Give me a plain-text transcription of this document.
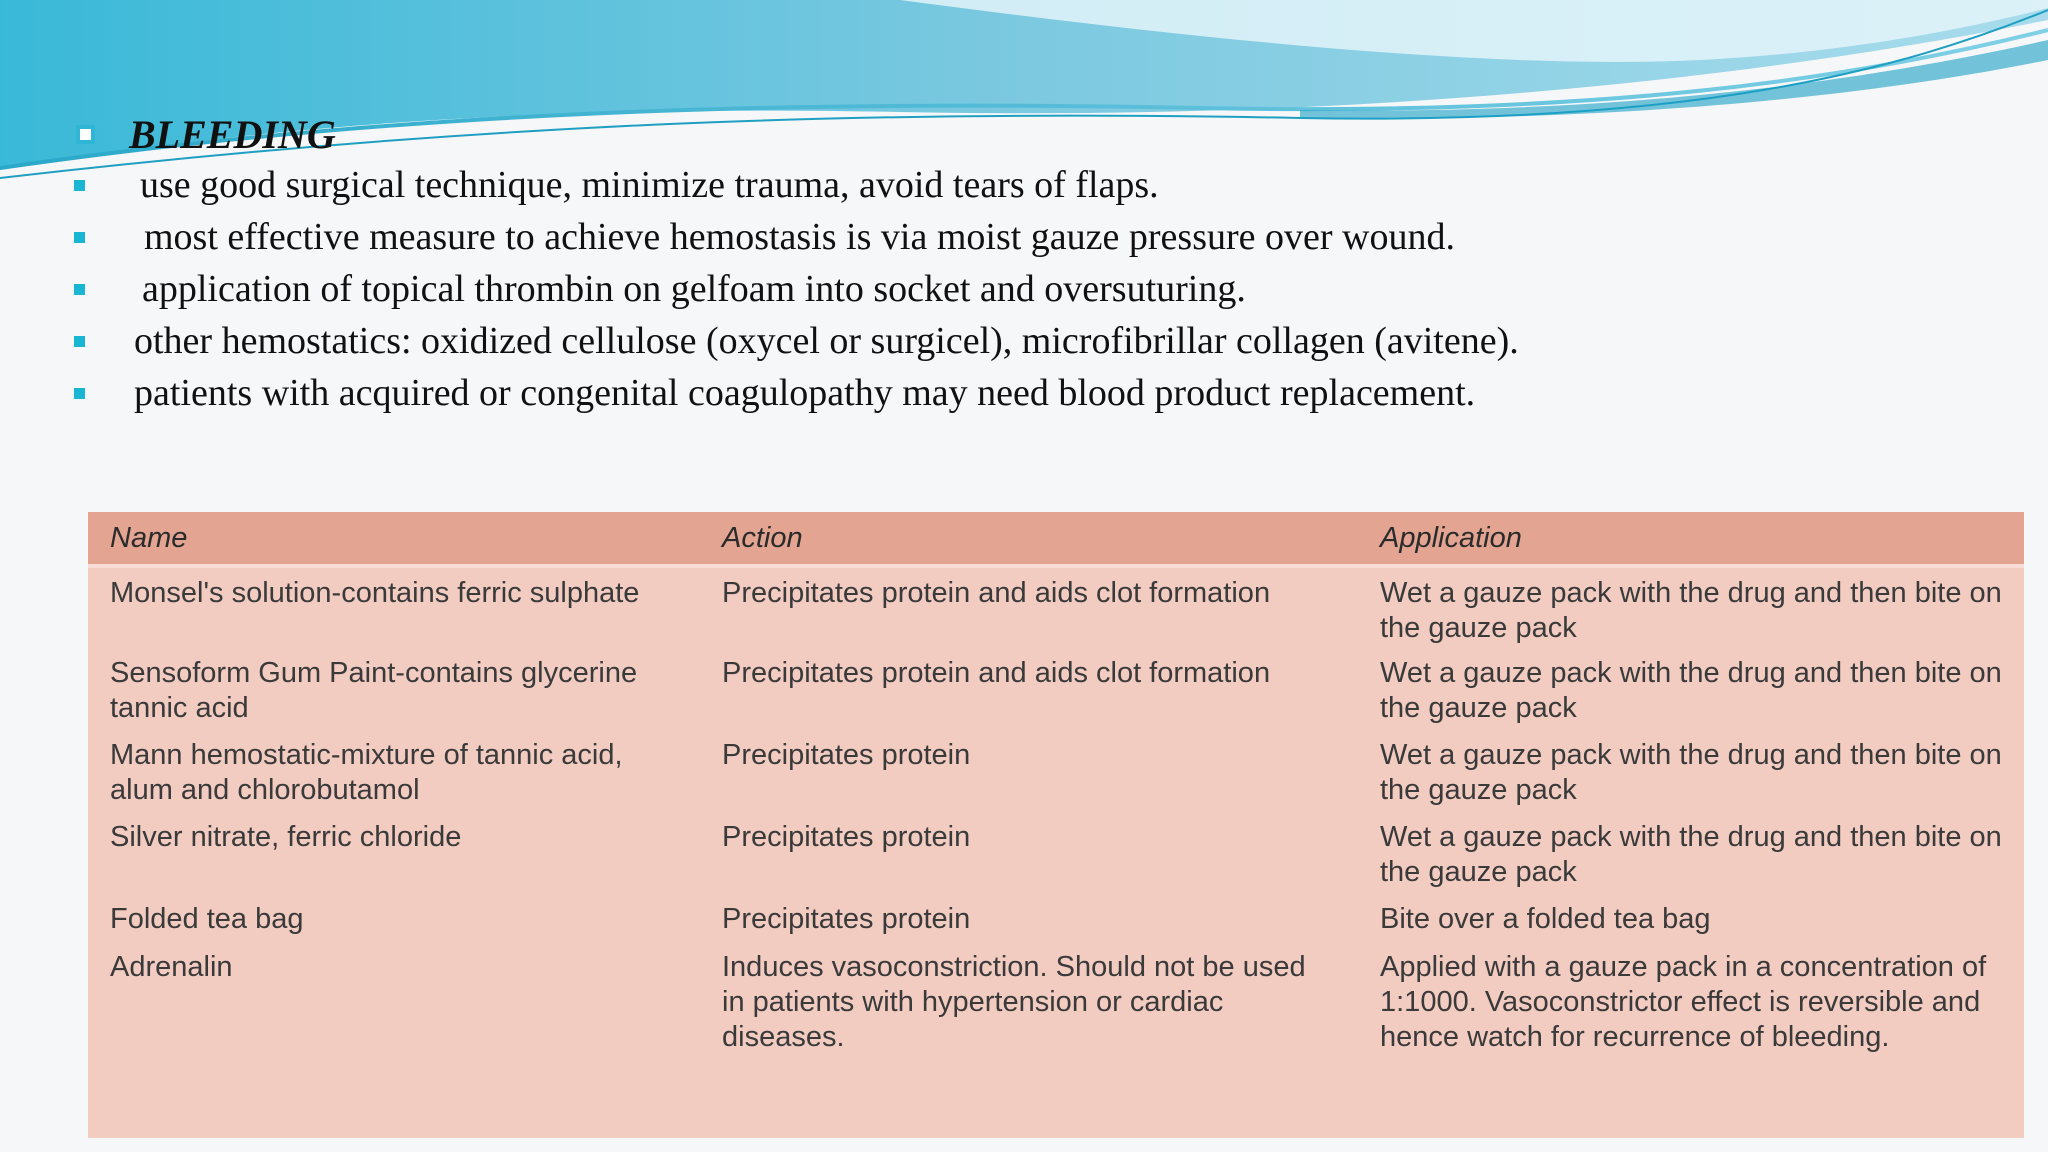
BLEEDING
use good surgical technique, minimize trauma, avoid tears of flaps.
most effective measure to achieve hemostasis is via moist gauze pressure over wound.
application of topical thrombin on gelfoam into socket and oversuturing.
other hemostatics: oxidized cellulose (oxycel or surgicel), microfibrillar collagen (avitene).
patients with acquired or congenital coagulopathy may need blood product replacement.
Name	Action	Application
Monsel's solution-contains ferric sulphate	Precipitates protein and aids clot formation	Wet a gauze pack with the drug and then bite on the gauze pack
Sensoform Gum Paint-contains glycerine tannic acid	Precipitates protein and aids clot formation	Wet a gauze pack with the drug and then bite on the gauze pack
Mann hemostatic-mixture of tannic acid, alum and chlorobutamol	Precipitates protein	Wet a gauze pack with the drug and then bite on the gauze pack
Silver nitrate, ferric chloride	Precipitates protein	Wet a gauze pack with the drug and then bite on the gauze pack
Folded tea bag	Precipitates protein	Bite over a folded tea bag
Adrenalin	Induces vasoconstriction. Should not be used in patients with hypertension or cardiac diseases.	Applied with a gauze pack in a concentration of 1:1000. Vasoconstrictor effect is reversible and hence watch for recurrence of bleeding.
